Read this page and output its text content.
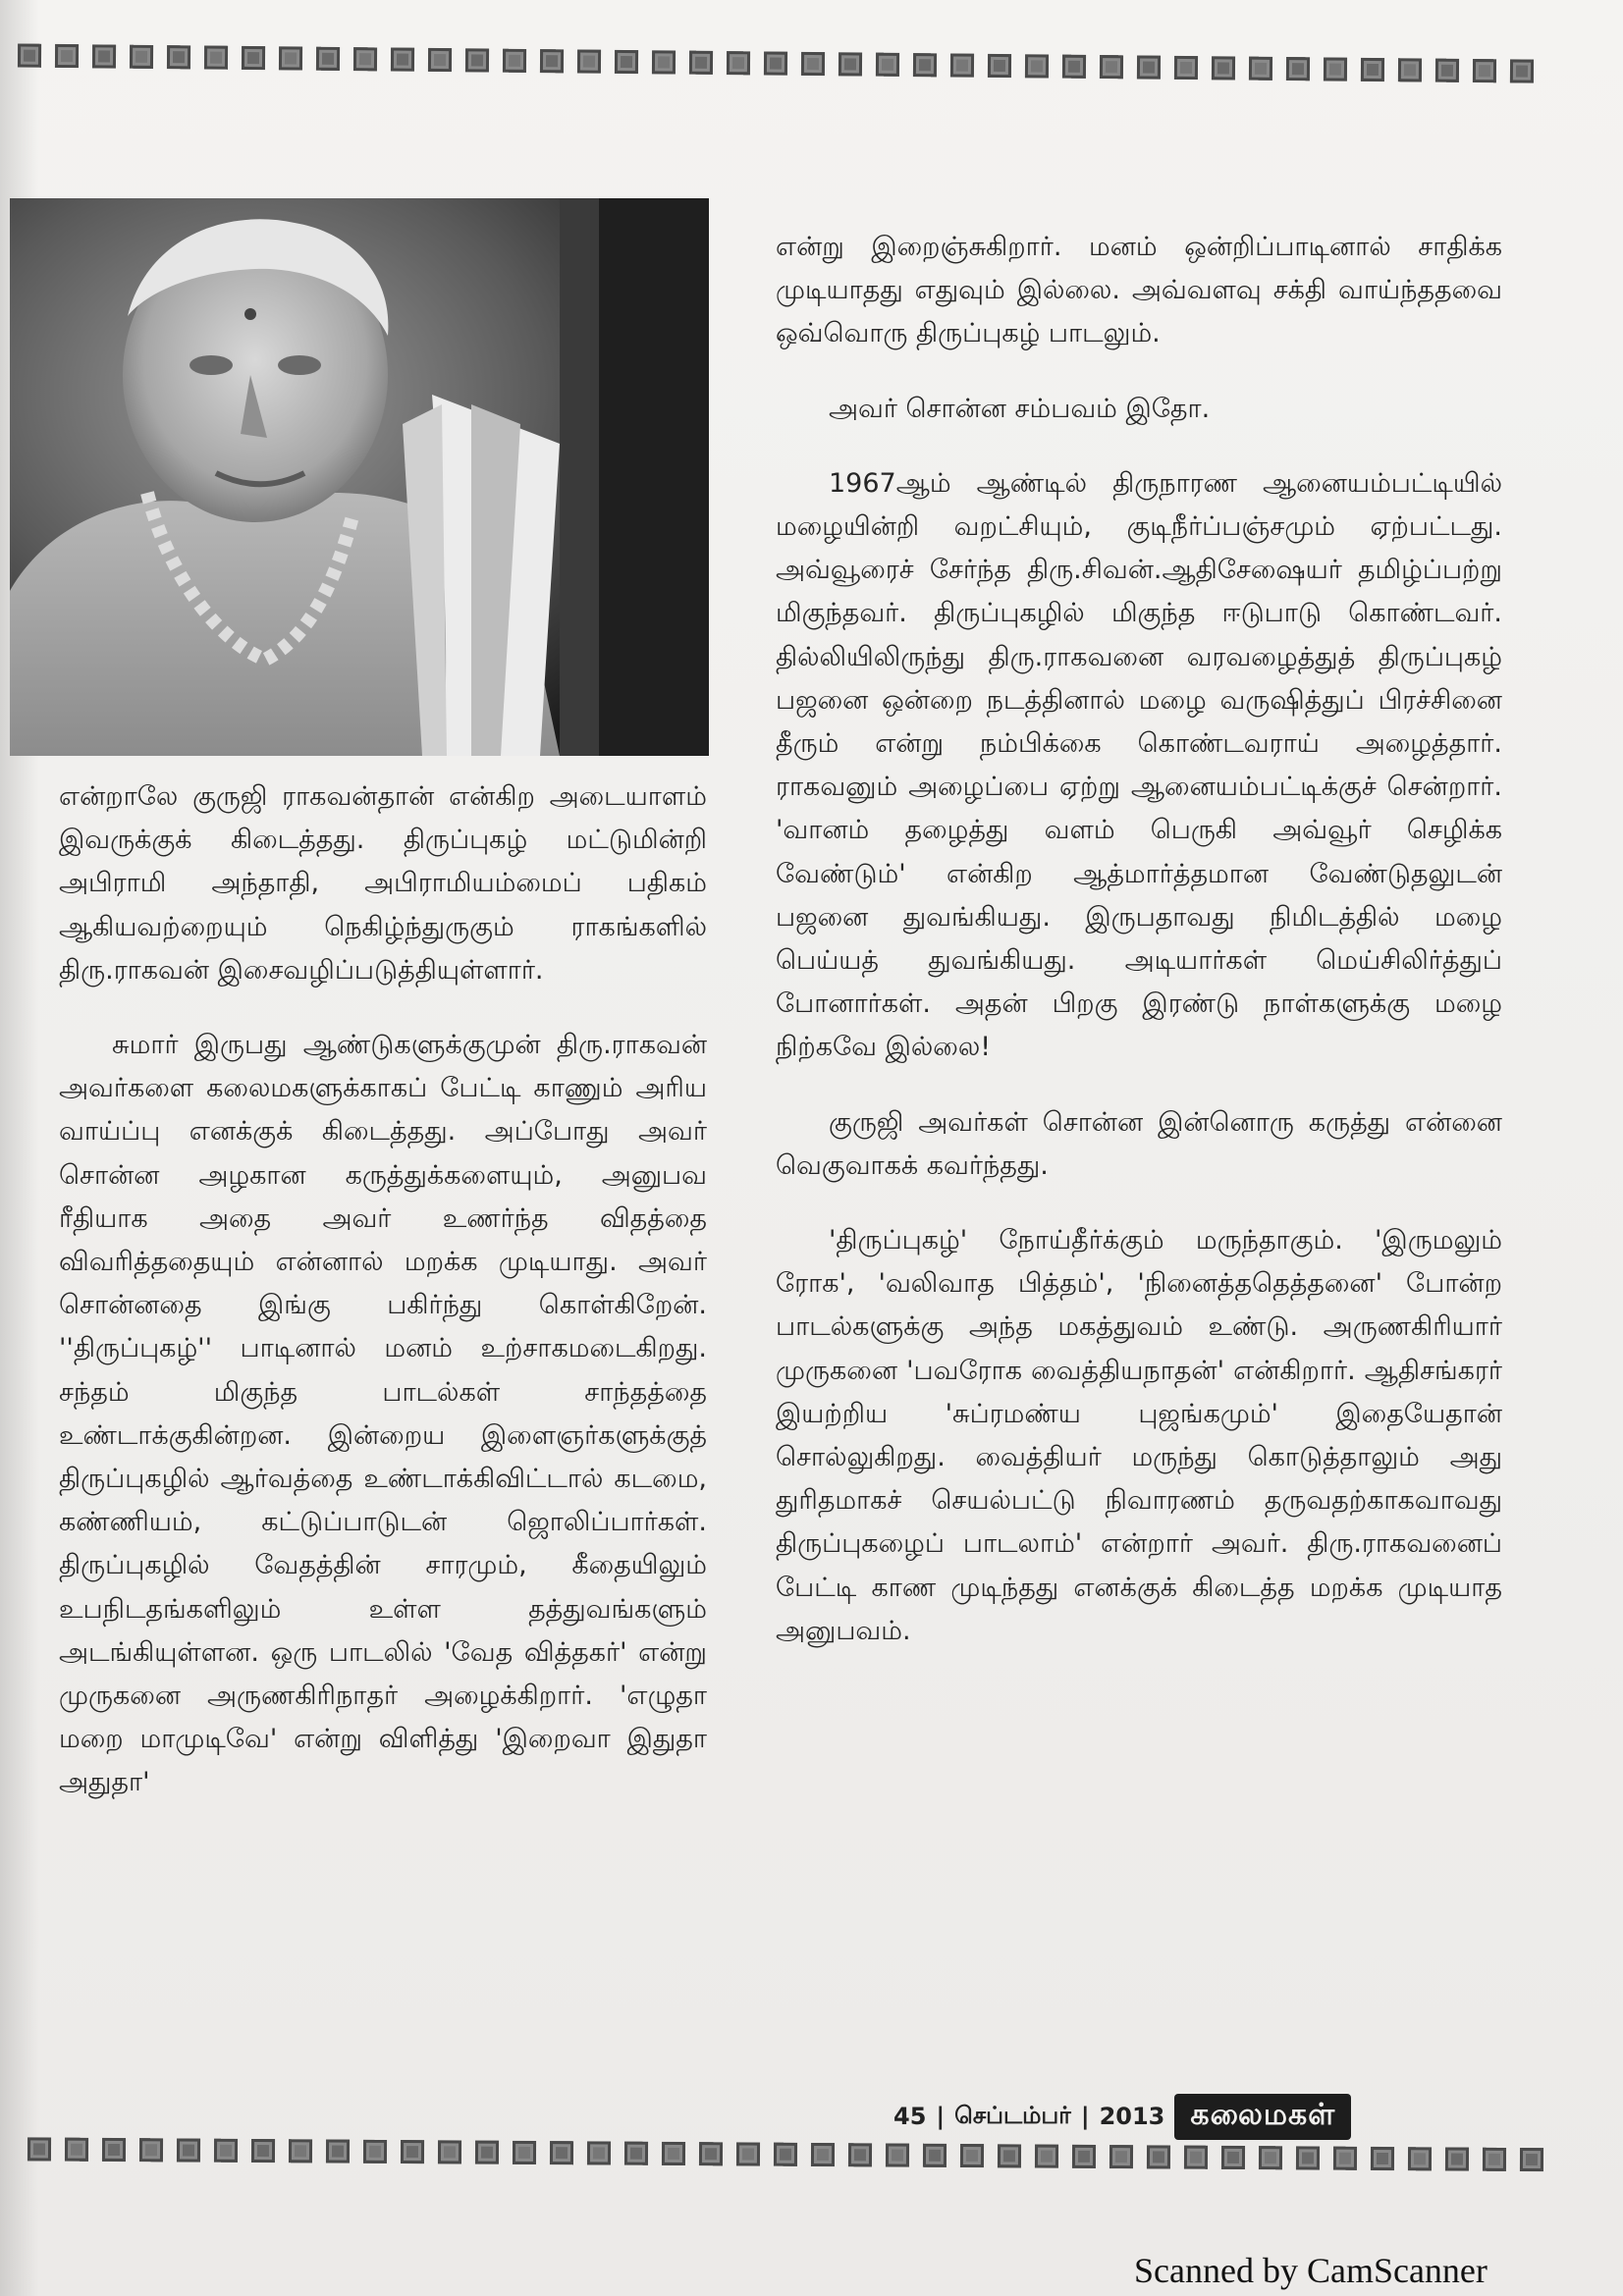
என்றாலே குருஜி ராகவன்தான் என்கிற அடையாளம் இவருக்குக் கிடைத்தது. திருப்புகழ் மட்டுமின்றி அபிராமி அந்தாதி, அபிராமியம்மைப் பதிகம் ஆகியவற்றையும் நெகிழ்ந்துருகும் ராகங்களில் திரு.ராகவன் இசைவழிப்படுத்தியுள்ளார்.

சுமார் இருபது ஆண்டுகளுக்குமுன் திரு.ராகவன் அவர்களை கலைமகளுக்காகப் பேட்டி காணும் அரிய வாய்ப்பு எனக்குக் கிடைத்தது. அப்போது அவர் சொன்ன அழகான கருத்துக்களையும், அனுபவ ரீதியாக அதை அவர் உணர்ந்த விதத்தை விவரித்ததையும் என்னால் மறக்க முடியாது. அவர் சொன்னதை இங்கு பகிர்ந்து கொள்கிறேன். ''திருப்புகழ்'' பாடினால் மனம் உற்சாகமடைகிறது. சந்தம் மிகுந்த பாடல்கள் சாந்தத்தை உண்டாக்குகின்றன. இன்றைய இளைஞர்களுக்குத் திருப்புகழில் ஆர்வத்தை உண்டாக்கிவிட்டால் கடமை, கண்ணியம், கட்டுப்பாடுடன் ஜொலிப்பார்கள். திருப்புகழில் வேதத்தின் சாரமும், கீதையிலும் உபநிடதங்களிலும் உள்ள தத்துவங்களும் அடங்கியுள்ளன. ஒரு பாடலில் 'வேத வித்தகர்' என்று முருகனை அருணகிரிநாதர் அழைக்கிறார். 'எழுதா மறை மாமுடிவே' என்று விளித்து 'இறைவா இதுதா அதுதா'

என்று இறைஞ்சுகிறார். மனம் ஒன்றிப்பாடினால் சாதிக்க முடியாதது எதுவும் இல்லை. அவ்வளவு சக்தி வாய்ந்ததவை ஒவ்வொரு திருப்புகழ் பாடலும்.

அவர் சொன்ன சம்பவம் இதோ.

1967ஆம் ஆண்டில் திருநாரண ஆனையம்பட்டியில் மழையின்றி வறட்சியும், குடிநீர்ப்பஞ்சமும் ஏற்பட்டது. அவ்வூரைச் சேர்ந்த திரு.சிவன்.ஆதிசேஷையர் தமிழ்ப்பற்று மிகுந்தவர். திருப்புகழில் மிகுந்த ஈடுபாடு கொண்டவர். தில்லியிலிருந்து திரு.ராகவனை வரவழைத்துத் திருப்புகழ் பஜனை ஒன்றை நடத்தினால் மழை வருஷித்துப் பிரச்சினை தீரும் என்று நம்பிக்கை கொண்டவராய் அழைத்தார். ராகவனும் அழைப்பை ஏற்று ஆனையம்பட்டிக்குச் சென்றார். 'வானம் தழைத்து வளம் பெருகி அவ்வூர் செழிக்க வேண்டும்' என்கிற ஆத்மார்த்தமான வேண்டுதலுடன் பஜனை துவங்கியது. இருபதாவது நிமிடத்தில் மழை பெய்யத் துவங்கியது. அடியார்கள் மெய்சிலிர்த்துப் போனார்கள். அதன் பிறகு இரண்டு நாள்களுக்கு மழை நிற்கவே இல்லை!

குருஜி அவர்கள் சொன்ன இன்னொரு கருத்து என்னை வெகுவாகக் கவர்ந்தது.

'திருப்புகழ்' நோய்தீர்க்கும் மருந்தாகும். 'இருமலும் ரோக', 'வலிவாத பித்தம்', 'நினைத்ததெத்தனை' போன்ற பாடல்களுக்கு அந்த மகத்துவம் உண்டு. அருணகிரியார் முருகனை 'பவரோக வைத்தியநாதன்' என்கிறார். ஆதிசங்கரர் இயற்றிய 'சுப்ரமண்ய புஜங்கமும்' இதையேதான் சொல்லுகிறது. வைத்தியர் மருந்து கொடுத்தாலும் அது துரிதமாகச் செயல்பட்டு நிவாரணம் தருவதற்காகவாவது திருப்புகழைப் பாடலாம்' என்றார் அவர். திரு.ராகவனைப் பேட்டி காண முடிந்தது எனக்குக் கிடைத்த மறக்க முடியாத அனுபவம்.

45 | செப்டம்பர் | 2013 கலைமகள்
Scanned by CamScanner
